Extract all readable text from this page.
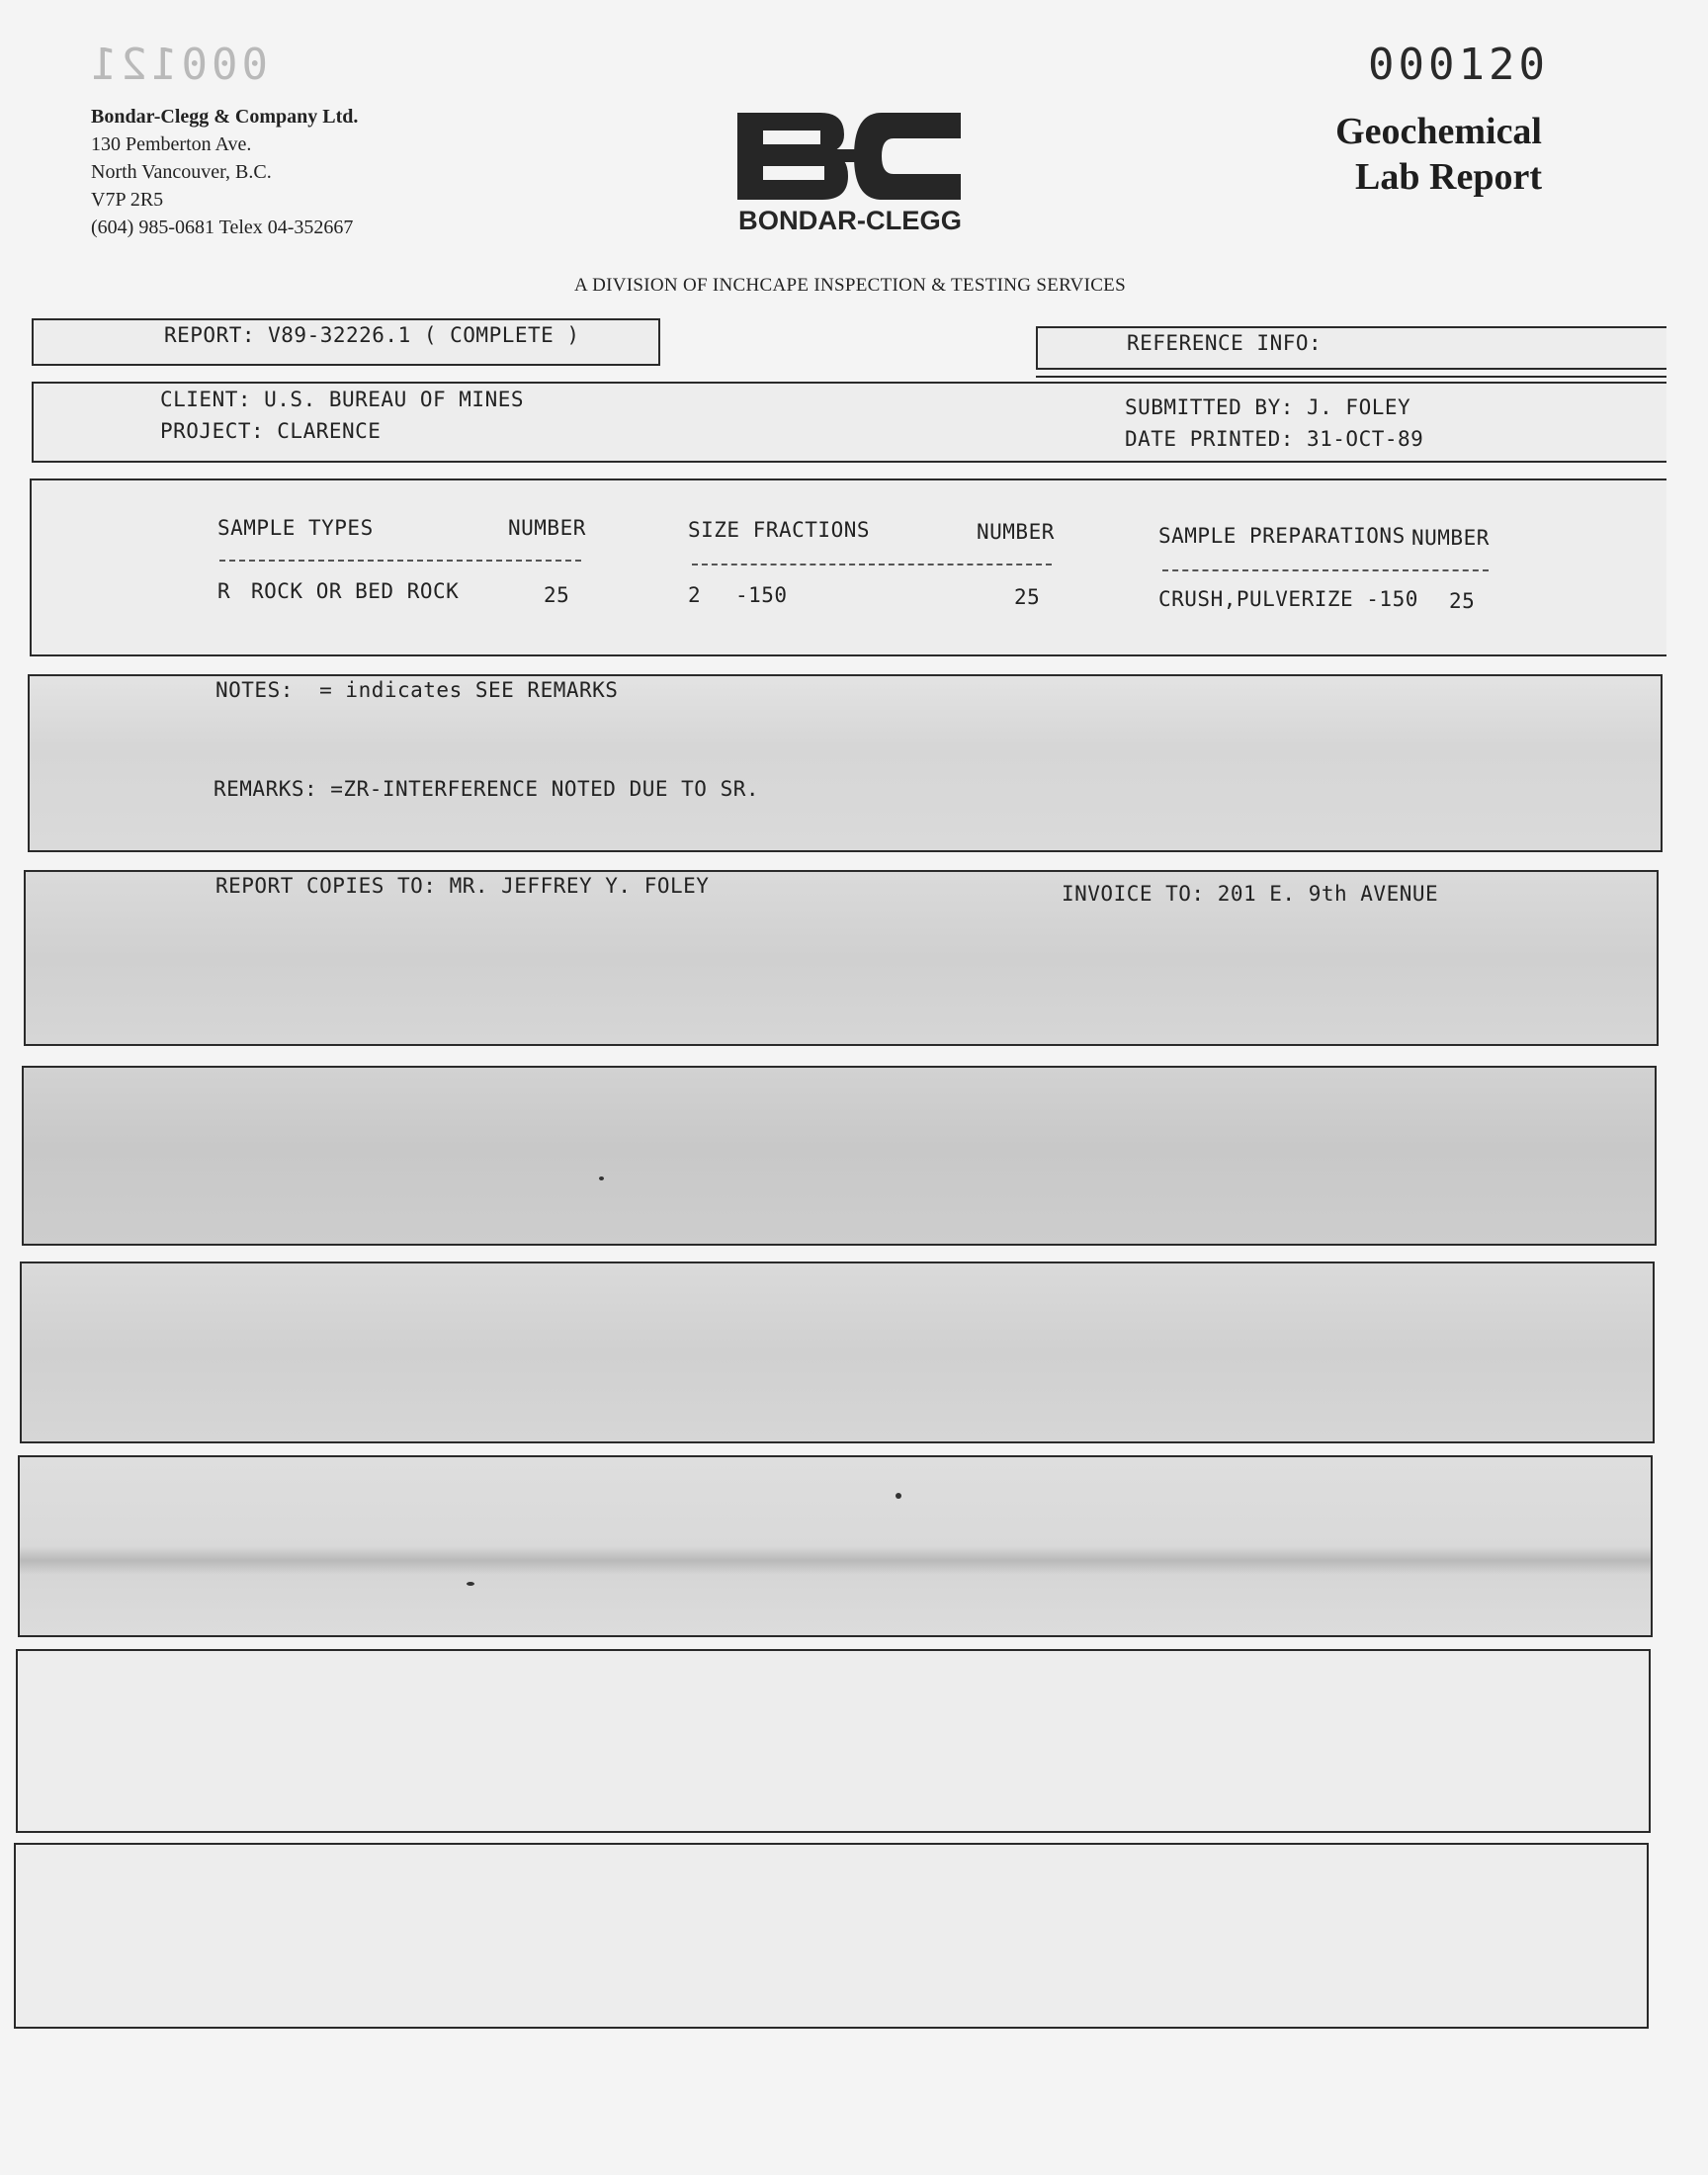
000121	000120
Bondar-Clegg & Company Ltd.
130 Pemberton Ave.
North Vancouver, B.C.
V7P 2R5
(604) 985-0681 Telex 04-352667	BONDAR-CLEGG
Geochemical
Lab Report
A DIVISION OF INCHCAPE INSPECTION & TESTING SERVICES
REPORT: V89-32226.1 ( COMPLETE )	REFERENCE INFO:
CLIENT: U.S. BUREAU OF MINES
PROJECT: CLARENCE
SUBMITTED BY: J. FOLEY
DATE PRINTED: 31-OCT-89
SAMPLE TYPES	NUMBER
R ROCK OR BED ROCK	25
SIZE FRACTIONS	NUMBER
2 -150	25
SAMPLE PREPARATIONS NUMBER
CRUSH,PULVERIZE -150 25
NOTES:  = indicates SEE REMARKS
REMARKS: =ZR-INTERFERENCE NOTED DUE TO SR.
REPORT COPIES TO: MR. JEFFREY Y. FOLEY	INVOICE TO: 201 E. 9th AVENUE
